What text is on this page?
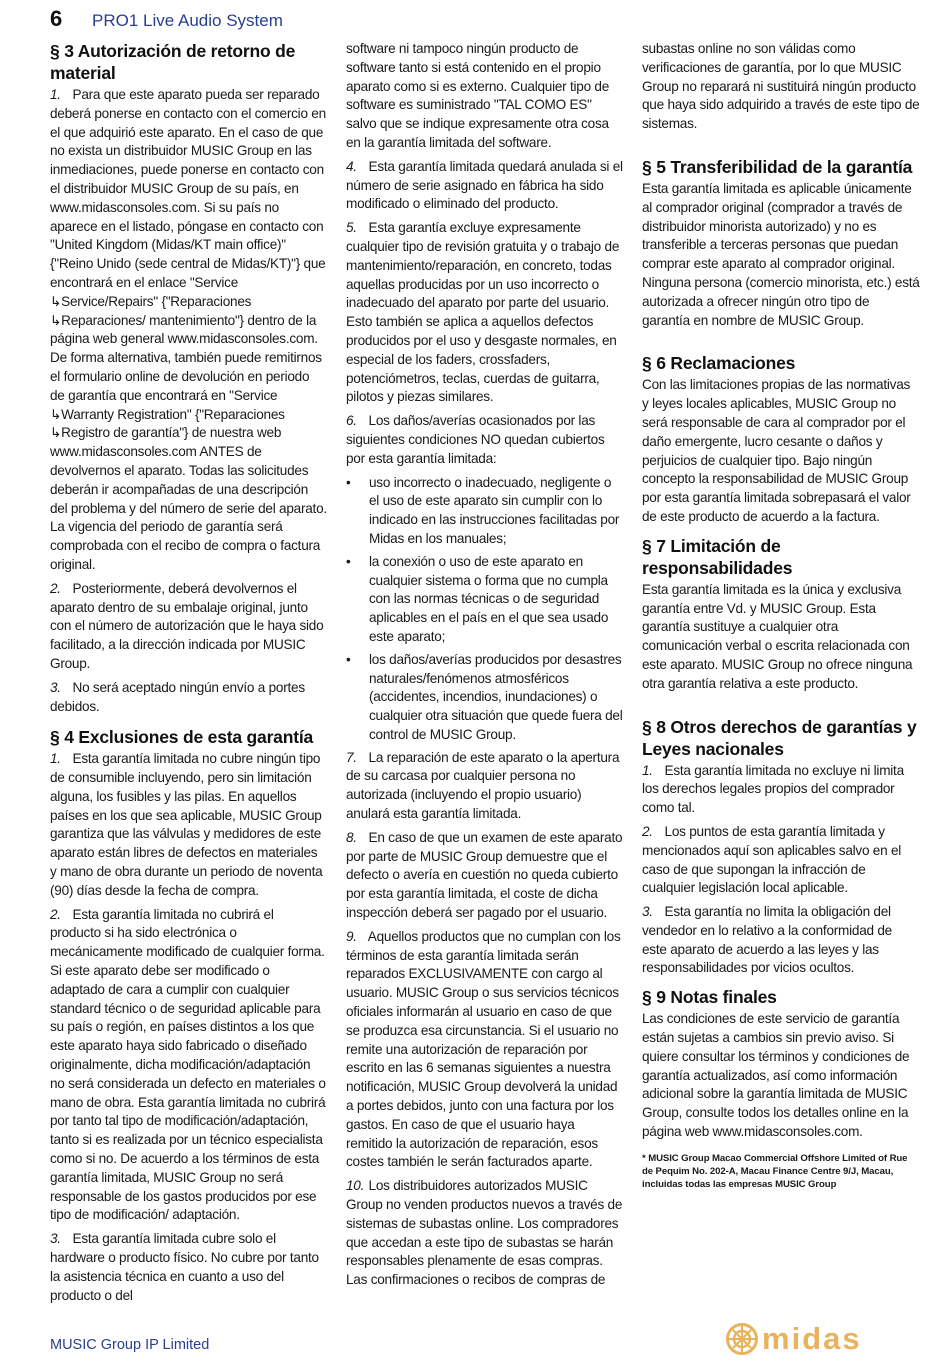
6 PRO1 Live Audio System
§ 3 Autorización de retorno de material

1. Para que este aparato pueda ser reparado deberá ponerse en contacto con el comercio en el que adquirió este aparato. En el caso de que no exista un distribuidor MUSIC Group en las inmediaciones, puede ponerse en contacto con el distribuidor MUSIC Group de su país, en www.midasconsoles.com. Si su país no aparece en el listado, póngase en contacto con "United Kingdom (Midas/KT main office)" {"Reino Unido (sede central de Midas/KT)"} que encontrará en el enlace "Service ↳Service/Repairs" {"Reparaciones ↳Reparaciones/ mantenimiento"} dentro de la página web general www.midasconsoles.com. De forma alternativa, también puede remitirnos el formulario online de devolución en periodo de garantía que encontrará en "Service ↳Warranty Registration" {"Reparaciones ↳Registro de garantía"} de nuestra web www.midasconsoles.com ANTES de devolvernos el aparato. Todas las solicitudes deberán ir acompañadas de una descripción del problema y del número de serie del aparato. La vigencia del periodo de garantía será comprobada con el recibo de compra o factura original.

2. Posteriormente, deberá devolvernos el aparato dentro de su embalaje original, junto con el número de autorización que le haya sido facilitado, a la dirección indicada por MUSIC Group.

3. No será aceptado ningún envío a portes debidos.

§ 4 Exclusiones de esta garantía

1. Esta garantía limitada no cubre ningún tipo de consumible incluyendo, pero sin limitación alguna, los fusibles y las pilas. En aquellos países en los que sea aplicable, MUSIC Group garantiza que las válvulas y medidores de este aparato están libres de defectos en materiales y mano de obra durante un periodo de noventa (90) días desde la fecha de compra.

2. Esta garantía limitada no cubrirá el producto si ha sido electrónica o mecánicamente modificado de cualquier forma. Si este aparato debe ser modificado o adaptado de cara a cumplir con cualquier standard técnico o de seguridad aplicable para su país o región, en países distintos a los que este aparato haya sido fabricado o diseñado originalmente, dicha modificación/adaptación no será considerada un defecto en materiales o mano de obra. Esta garantía limitada no cubrirá por tanto tal tipo de modificación/adaptación, tanto si es realizada por un técnico especialista como si no. De acuerdo a los términos de esta garantía limitada, MUSIC Group no será responsable de los gastos producidos por ese tipo de modificación/ adaptación.

3. Esta garantía limitada cubre solo el hardware o producto físico. No cubre por tanto la asistencia técnica en cuanto a uso del producto o del

software ni tampoco ningún producto de software tanto si está contenido en el propio aparato como si es externo. Cualquier tipo de software es suministrado "TAL COMO ES" salvo que se indique expresamente otra cosa en la garantía limitada del software.

4. Esta garantía limitada quedará anulada si el número de serie asignado en fábrica ha sido modificado o eliminado del producto.

5. Esta garantía excluye expresamente cualquier tipo de revisión gratuita y o trabajo de mantenimiento/reparación, en concreto, todas aquellas producidas por un uso incorrecto o inadecuado del aparato por parte del usuario. Esto también se aplica a aquellos defectos producidos por el uso y desgaste normales, en especial de los faders, crossfaders, potenciómetros, teclas, cuerdas de guitarra, pilotos y piezas similares.

6. Los daños/averías ocasionados por las siguientes condiciones NO quedan cubiertos por esta garantía limitada:

•	uso incorrecto o inadecuado, negligente o el uso de este aparato sin cumplir con lo indicado en las instrucciones facilitadas por Midas en los manuales;
•	la conexión o uso de este aparato en cualquier sistema o forma que no cumpla con las normas técnicas o de seguridad aplicables en el país en el que sea usado este aparato;
•	los daños/averías producidos por desastres naturales/fenómenos atmosféricos (accidentes, incendios, inundaciones) o cualquier otra situación que quede fuera del control de MUSIC Group.

7. La reparación de este aparato o la apertura de su carcasa por cualquier persona no autorizada (incluyendo el propio usuario) anulará esta garantía limitada.

8. En caso de que un examen de este aparato por parte de MUSIC Group demuestre que el defecto o avería en cuestión no queda cubierto por esta garantía limitada, el coste de dicha inspección deberá ser pagado por el usuario.

9. Aquellos productos que no cumplan con los términos de esta garantía limitada serán reparados EXCLUSIVAMENTE con cargo al usuario. MUSIC Group o sus servicios técnicos oficiales informarán al usuario en caso de que se produzca esa circunstancia. Si el usuario no remite una autorización de reparación por escrito en las 6 semanas siguientes a nuestra notificación, MUSIC Group devolverá la unidad a portes debidos, junto con una factura por los gastos. En caso de que el usuario haya remitido la autorización de reparación, esos costes también le serán facturados aparte.

10. Los distribuidores autorizados MUSIC Group no venden productos nuevos a través de sistemas de subastas online. Los compradores que accedan a este tipo de subastas se harán responsables plenamente de esas compras. Las confirmaciones o recibos de compras de

subastas online no son válidas como verificaciones de garantía, por lo que MUSIC Group no reparará ni sustituirá ningún producto que haya sido adquirido a través de este tipo de sistemas.

§ 5 Transferibilidad de la garantía

Esta garantía limitada es aplicable únicamente al comprador original (comprador a través de distribuidor minorista autorizado) y no es transferible a terceras personas que puedan comprar este aparato al comprador original. Ninguna persona (comercio minorista, etc.) está autorizada a ofrecer ningún otro tipo de garantía en nombre de MUSIC Group.

§ 6 Reclamaciones

Con las limitaciones propias de las normativas y leyes locales aplicables, MUSIC Group no será responsable de cara al comprador por el daño emergente, lucro cesante o daños y perjuicios de cualquier tipo. Bajo ningún concepto la responsabilidad de MUSIC Group por esta garantía limitada sobrepasará el valor de este producto de acuerdo a la factura.

§ 7 Limitación de responsabilidades

Esta garantía limitada es la única y exclusiva garantía entre Vd. y MUSIC Group. Esta garantía sustituye a cualquier otra comunicación verbal o escrita relacionada con este aparato. MUSIC Group no ofrece ninguna otra garantía relativa a este producto.

§ 8 Otros derechos de garantías y Leyes nacionales

1. Esta garantía limitada no excluye ni limita los derechos legales propios del comprador como tal.

2. Los puntos de esta garantía limitada y mencionados aquí son aplicables salvo en el caso de que supongan la infracción de cualquier legislación local aplicable.

3. Esta garantía no limita la obligación del vendedor en lo relativo a la conformidad de este aparato de acuerdo a las leyes y las responsabilidades por vicios ocultos.

§ 9 Notas finales

Las condiciones de este servicio de garantía están sujetas a cambios sin previo aviso. Si quiere consultar los términos y condiciones de garantía actualizados, así como información adicional sobre la garantía limitada de MUSIC Group, consulte todos los detalles online en la página web www.midasconsoles.com.

* MUSIC Group Macao Commercial Offshore Limited of Rue de Pequim No. 202-A, Macau Finance Centre 9/J, Macau, incluidas todas las empresas MUSIC Group
MUSIC Group IP Limited	midas
